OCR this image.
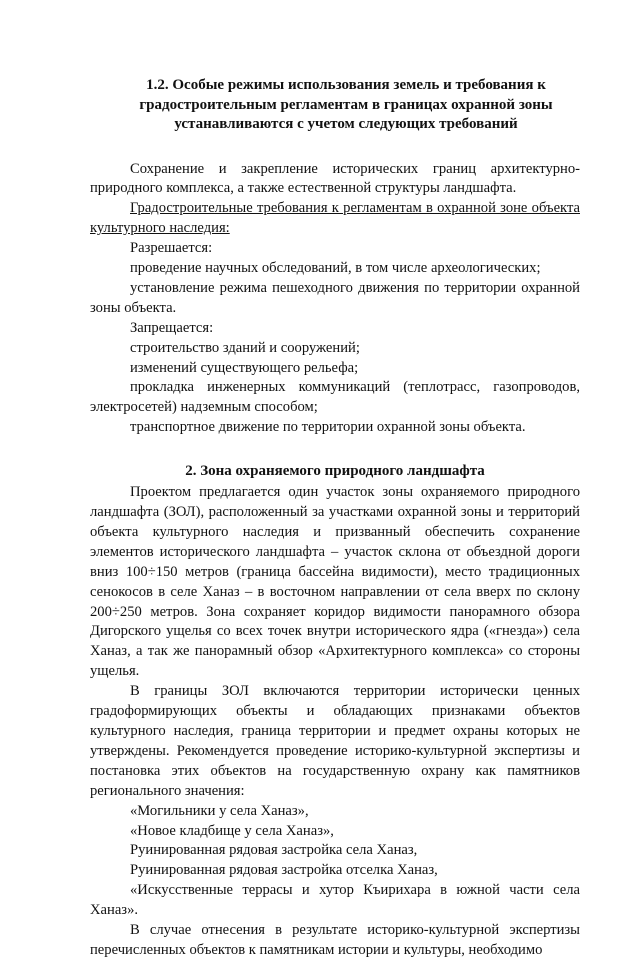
1.2. Особые режимы использования земель и требования к градостроительным регламентам в границах охранной зоны устанавливаются с учетом следующих требований

Сохранение и закрепление исторических границ архитектурно-природного комплекса, а также естественной структуры ландшафта.

Градостроительные требования к регламентам в охранной зоне объекта культурного наследия:

Разрешается:

проведение научных обследований, в том числе археологических;

установление режима пешеходного движения по территории охранной зоны объекта.

Запрещается:

строительство зданий и сооружений;

изменений существующего рельефа;

прокладка инженерных коммуникаций (теплотрасс, газопроводов, электросетей) надземным способом;

транспортное движение по территории охранной зоны объекта.

2. Зона охраняемого природного ландшафта

Проектом предлагается один участок зоны охраняемого природного ландшафта (ЗОЛ), расположенный за участками охранной зоны и территорий объекта культурного наследия и призванный обеспечить сохранение элементов исторического ландшафта – участок склона от объездной дороги вниз 100÷150 метров (граница бассейна видимости), место традиционных сенокосов в селе Ханаз – в восточном направлении от села вверх по склону 200÷250 метров. Зона сохраняет коридор видимости панорамного обзора Дигорского ущелья со всех точек внутри исторического ядра («гнезда») села Ханаз, а так же панорамный обзор «Архитектурного комплекса» со стороны ущелья.

В границы ЗОЛ включаются территории исторически ценных градоформирующих объекты и обладающих признаками объектов культурного наследия, граница территории и предмет охраны которых не утверждены. Рекомендуется проведение историко-культурной экспертизы и постановка этих объектов на государственную охрану как памятников регионального значения:

«Могильники у села Ханаз»,

«Новое кладбище у села Ханаз»,

Руинированная рядовая застройка села Ханаз,

Руинированная рядовая застройка отселка Ханаз,

«Искусственные террасы и хутор Къирихара в южной части села Ханаз».

В случае отнесения в результате историко-культурной экспертизы перечисленных объектов к памятникам истории и культуры, необходимо
